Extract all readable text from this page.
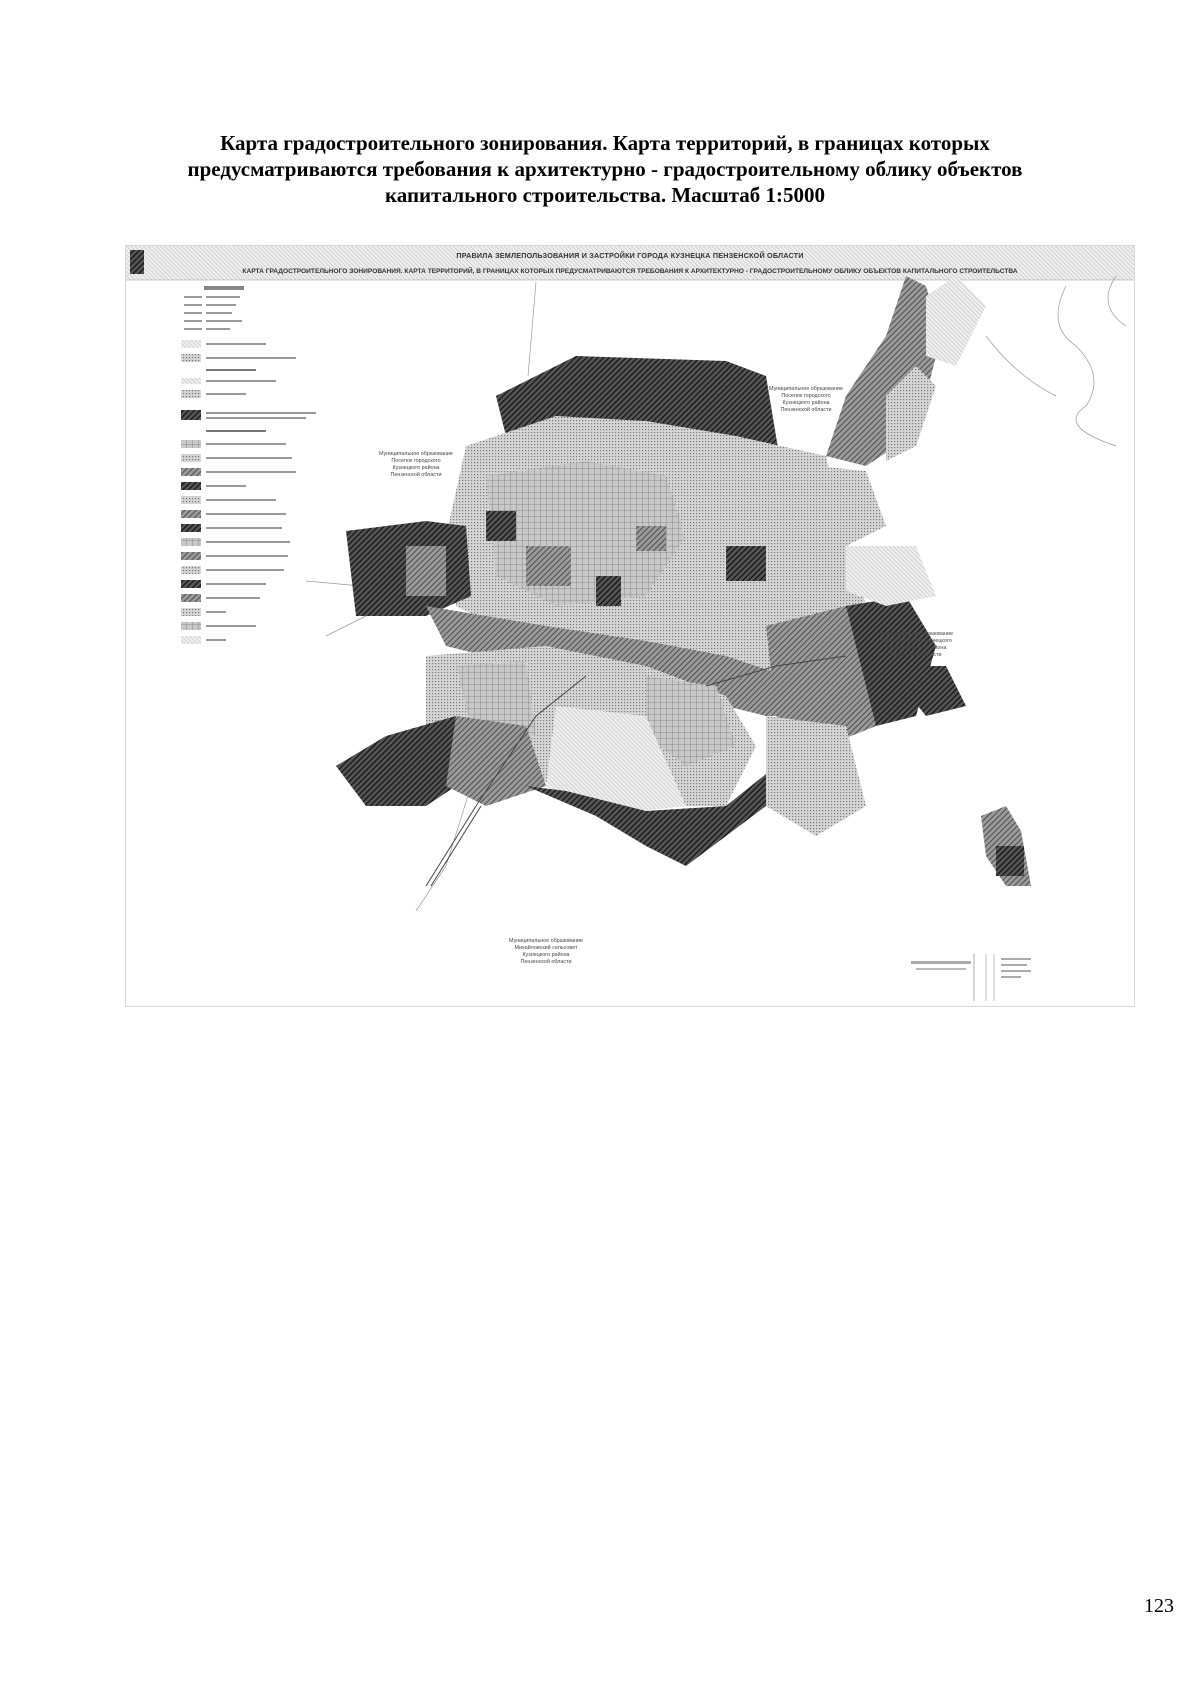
Карта градостроительного зонирования. Карта территорий, в границах которых
предусматриваются требования к архитектурно - градостроительному облику объектов
капитального строительства. Масштаб 1:5000
ПРАВИЛА ЗЕМЛЕПОЛЬЗОВАНИЯ И ЗАСТРОЙКИ ГОРОДА КУЗНЕЦКА ПЕНЗЕНСКОЙ ОБЛАСТИ
КАРТА ГРАДОСТРОИТЕЛЬНОГО ЗОНИРОВАНИЯ. КАРТА ТЕРРИТОРИЙ, В ГРАНИЦАХ КОТОРЫХ ПРЕДУСМАТРИВАЮТСЯ ТРЕБОВАНИЯ К АРХИТЕКТУРНО - ГРАДОСТРОИТЕЛЬНОМУ ОБЛИКУ ОБЪЕКТОВ КАПИТАЛЬНОГО СТРОИТЕЛЬСТВА
Муниципальное образование
Поселок городского
Кузнецкого района
Пензенской области
Муниципальное образование
Поселок городского
Кузнецкого района
Пензенской области
Муниципальное образование
рабочий поселок Кузнецкого
муниципального района
Пензенской области
Муниципальное образование
Михайловский сельсовет
Кузнецкого района
Пензенской области
123
